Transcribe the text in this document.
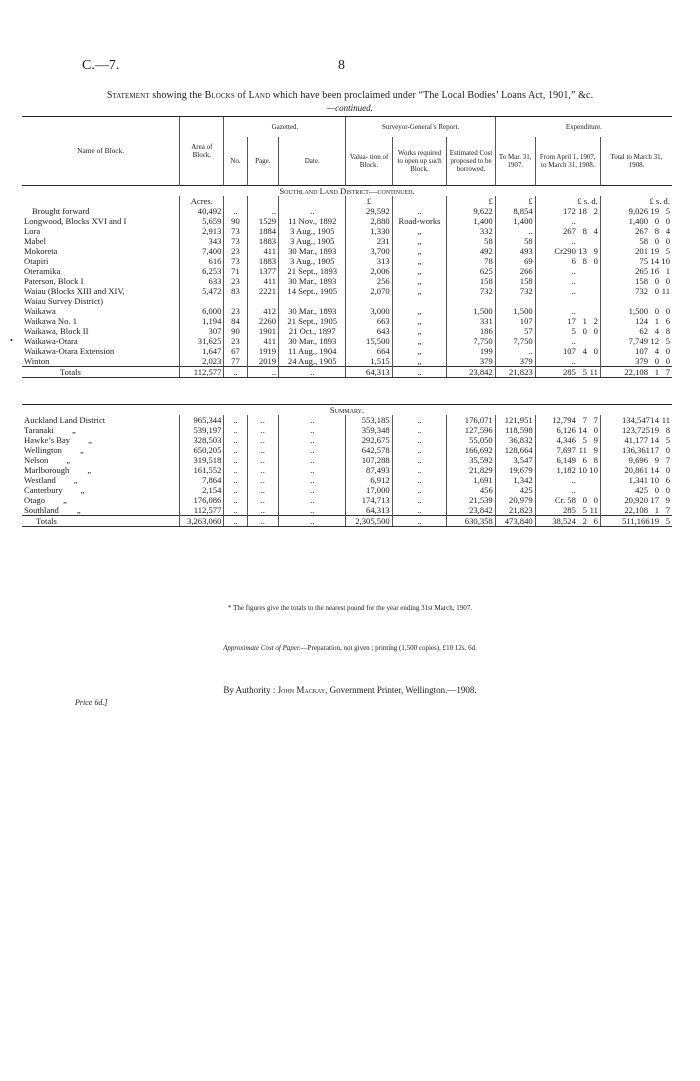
C.—7.	8
Statement showing the Blocks of Land which have been proclaimed under “The Local Bodies’ Loans Act, 1901,” &c.
—continued.
•
Name of Block.	Area of Block.	Gazetted.			Surveyor-General’s Report.			Expenditure.		
		No.	Page.	Date.	Valua- tion of Block.	Works required to open up such Block.	Estimated Cost proposed to be borrowed.	To Mar. 31, 1907.	From April 1, 1907, to March 31, 1908.	Total to March 31, 1908.
Southland Land District—continued.										
	Acres.				£		£	£	£ s. d.	£ s. d.
Brought forward	40,492	..	..	..	29,592	..	9,622	8,854	172 18 2	9,026 19 5
Longwood, Blocks XVI and I	5,659	90	1529	11 Nov., 1892	2,880	Road-works	1,400	1,400	..	1,400 0 0
Lora	2,913	73	1884	3 Aug., 1905	1,330	„	332	..	267 8 4	267 8 4
Mabel	343	73	1883	3 Aug., 1905	231	„	58	58	..	58 0 0
Mokoreta	7,400	23	411	30 Mar., 1893	3,700	„	492	493	Cr290 13 9	201 19 5
Otapiri	616	73	1883	3 Aug., 1905	313	„	78	69	6 8 0	75 14 10
Oteramika	6,253	71	1377	21 Sept., 1893	2,006	„	625	266	..	265 16 1
Paterson, Block I	633	23	411	30 Mar., 1893	256	„	158	158	..	158 0 0
Waiau (Blocks XIII and XIV,	5,472	83	2221	14 Sept., 1905	2,070	„	732	732	..	732 0 11
Waiau Survey District)										
Waikawa	6,000	23	412	30 Mar., 1893	3,000	„	1,500	1,500	..	1,500 0 0
Waikawa No. 1	1,194	84	2260	21 Sept., 1905	663	„	331	107	17 1 2	124 1 6
Waikawa, Block II	307	90	1901	21 Oct., 1897	643	„	186	57	5 0 0	62 4 8
Waikawa-Otara	31,625	23	411	30 Mar., 1893	15,500	„	7,750	7,750	..	7,749 12 5
Waikawa-Otara Extension	1,647	67	1919	11 Aug., 1904	664	„	199	..	107 4 0	107 4 0
Winton	2,023	77	2019	24 Aug., 1905	1,515	„	379	379	..	379 0 0
Totals	112,577	..	..	..	64,313	..	23,842	21,823	285 5 11	22,108 1 7

Summary.										
Auckland Land District	965,344	..	..	..	553,185	..	176,071	121,951	12,794 7 7	134,54714 11
Taranaki „	539,197	..	..	..	359,348	..	127,596	118,598	6,126 14 0	123,72519 8
Hawke’s Bay „	328,503	..	..	..	292,675	..	55,050	36,832	4,346 5 9	41,177 14 5
Wellington „	650,205	..	..	..	642,578	..	166,692	128,664	7,697 11 9	136,36117 0
Nelson „	319,518	..	..	..	107,288	..	35,592	3,547	6,149 6 8	9,696 9 7
Marlborough „	161,552	..	..	..	87,493	..	21,829	19,679	1,182 10 10	20,861 14 0
Westland „	7,864	..	..	..	6,912	..	1,691	1,342	..	1,341 10 6
Canterbury „	2,154	..	..	..	17,000	..	456	425	..	425 0 0
Otago „	176,086	..	..	..	174,713	..	21,539	20,979	Cr. 58 0 0	20,920 17 9
Southland „	112,577	..	..	..	64,313	..	23,842	21,823	285 5 11	22,108 1 7
Totals	3,263,060	..	..	..	2,305,500	..	630,358	473,840	38,524 2 6	511,16619 5
* The figures give the totals to the nearest pound for the year ending 31st March, 1907.
Approximate Cost of Paper.—Preparation, not given ; printing (1,500 copies), £10 12s. 6d.
By Authority : John Mackay, Government Printer, Wellington.—1908.
Price 6d.]
